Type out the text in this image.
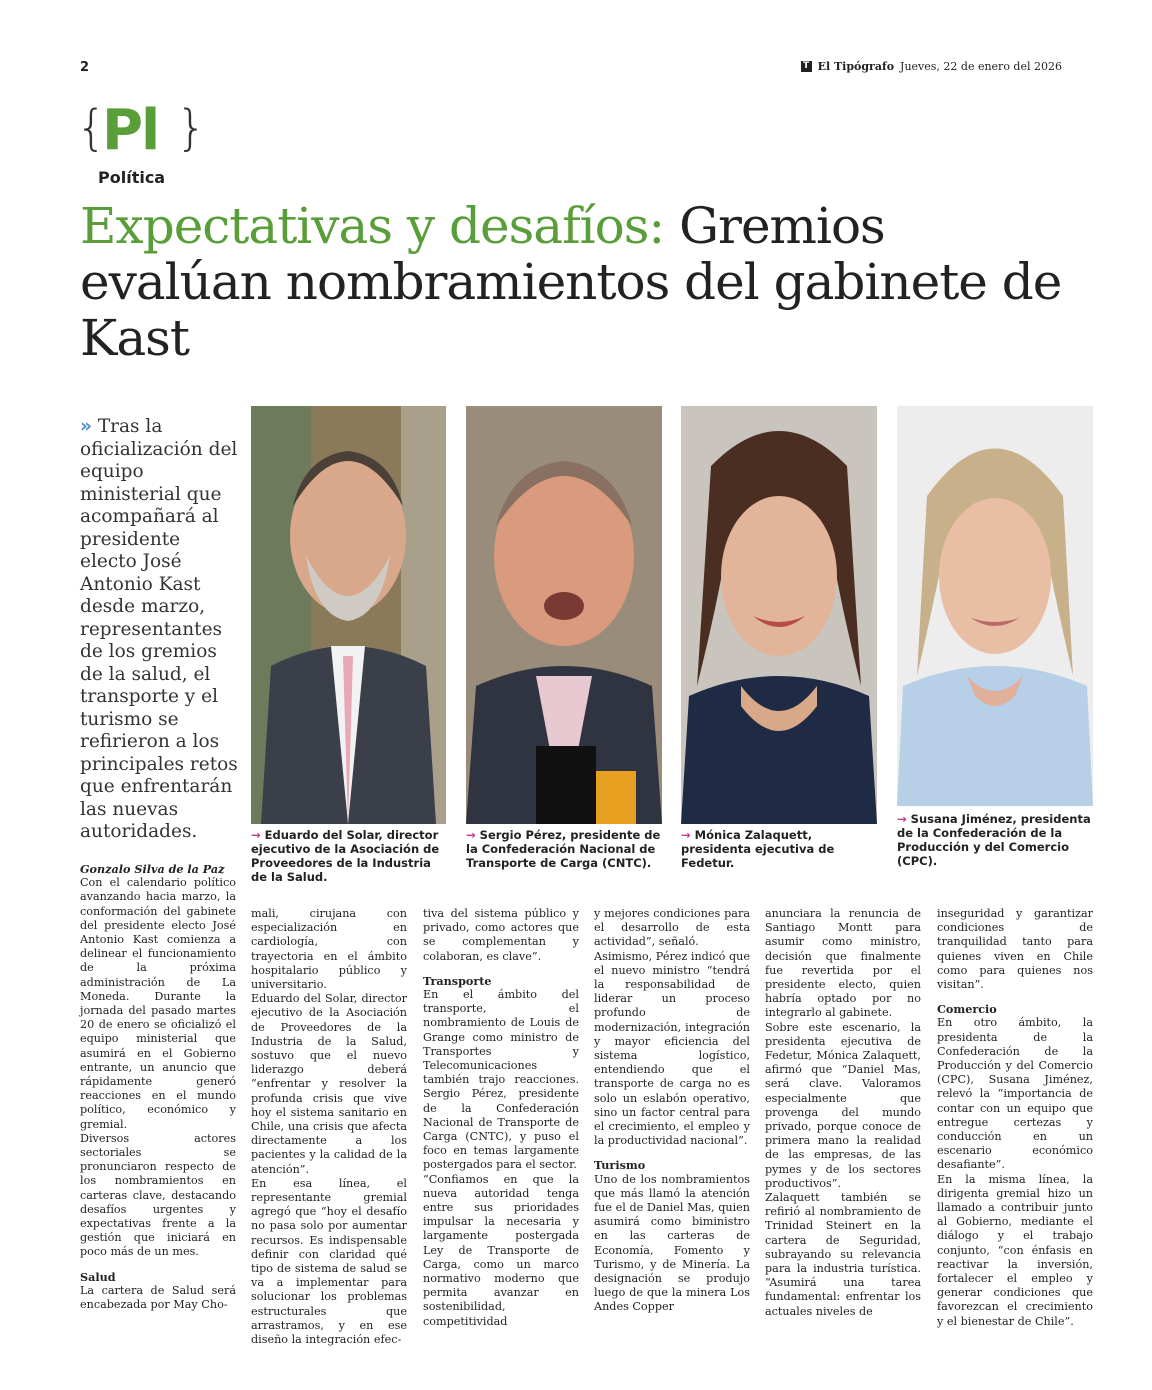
2	T El Tipógrafo Jueves, 22 de enero del 2026
{
Pl }
Política
Expectativas y desafíos: Gremios evalúan nombramientos del gabinete de Kast
» Tras la oficialización del equipo ministerial que acompañará al presidente electo José Antonio Kast desde marzo, representantes de los gremios de la salud, el transporte y el turismo se refirieron a los principales retos que enfrentarán las nuevas autoridades.	→ Eduardo del Solar, director ejecutivo de la Asociación de Proveedores de la Industria de la Salud.
→ Sergio Pérez, presidente de la Confederación Nacional de Transporte de Carga (CNTC).
→ Mónica Zalaquett, presidenta ejecutiva de Fedetur.
→ Susana Jiménez, presidenta de la Confederación de la Producción y del Comercio (CPC).

Gonzalo Silva de la Paz

Con el calendario político avanzando hacia marzo, la conformación del gabinete del presidente electo José Antonio Kast comienza a delinear el funcionamiento de la próxima administración de La Moneda. Durante la jornada del pasado martes 20 de enero se oficializó el equipo ministerial que asumirá en el Gobierno entrante, un anuncio que rápidamente generó reacciones en el mundo político, económico y gremial.

Diversos actores sectoriales se pronunciaron respecto de los nombramientos en carteras clave, destacando desafíos urgentes y expectativas frente a la gestión que iniciará en poco más de un mes.

Salud

La cartera de Salud será encabezada por May Cho-

mali, cirujana con especialización en cardiología, con trayectoria en el ámbito hospitalario público y universitario.

Eduardo del Solar, director ejecutivo de la Asociación de Proveedores de la Industria de la Salud, sostuvo que el nuevo liderazgo deberá “enfrentar y resolver la profunda crisis que vive hoy el sistema sanitario en Chile, una crisis que afecta directamente a los pacientes y la calidad de la atención”.

En esa línea, el representante gremial agregó que “hoy el desafío no pasa solo por aumentar recursos. Es indispensable definir con claridad qué tipo de sistema de salud se va a implementar para solucionar los problemas estructurales que arrastramos, y en ese diseño la integración efec-

tiva del sistema público y privado, como actores que se complementan y colaboran, es clave”.

Transporte

En el ámbito del transporte, el nombramiento de Louis de Grange como ministro de Transportes y Telecomunicaciones también trajo reacciones. Sergio Pérez, presidente de la Confederación Nacional de Transporte de Carga (CNTC), y puso el foco en temas largamente postergados para el sector.

“Confiamos en que la nueva autoridad tenga entre sus prioridades impulsar la necesaria y largamente postergada Ley de Transporte de Carga, como un marco normativo moderno que permita avanzar en sostenibilidad, competitividad

y mejores condiciones para el desarrollo de esta actividad”, señaló.

Asimismo, Pérez indicó que el nuevo ministro “tendrá la responsabilidad de liderar un proceso profundo de modernización, integración y mayor eficiencia del sistema logístico, entendiendo que el transporte de carga no es solo un eslabón operativo, sino un factor central para el crecimiento, el empleo y la productividad nacional”.

Turismo

Uno de los nombramientos que más llamó la atención fue el de Daniel Mas, quien asumirá como biministro en las carteras de Economía, Fomento y Turismo, y de Minería. La designación se produjo luego de que la minera Los Andes Copper

anunciara la renuncia de Santiago Montt para asumir como ministro, decisión que finalmente fue revertida por el presidente electo, quien habría optado por no integrarlo al gabinete.

Sobre este escenario, la presidenta ejecutiva de Fedetur, Mónica Zalaquett, afirmó que “Daniel Mas, será clave. Valoramos especialmente que provenga del mundo privado, porque conoce de primera mano la realidad de las empresas, de las pymes y de los sectores productivos”.

Zalaquett también se refirió al nombramiento de Trinidad Steinert en la cartera de Seguridad, subrayando su relevancia para la industria turística. “Asumirá una tarea fundamental: enfrentar los actuales niveles de

inseguridad y garantizar condiciones de tranquilidad tanto para quienes viven en Chile como para quienes nos visitan”.

Comercio

En otro ámbito, la presidenta de la Confederación de la Producción y del Comercio (CPC), Susana Jiménez, relevó la “importancia de contar con un equipo que entregue certezas y conducción en un escenario económico desafiante”.

En la misma línea, la dirigenta gremial hizo un llamado a contribuir junto al Gobierno, mediante el diálogo y el trabajo conjunto, “con énfasis en reactivar la inversión, fortalecer el empleo y generar condiciones que favorezcan el crecimiento y el bienestar de Chile”.
